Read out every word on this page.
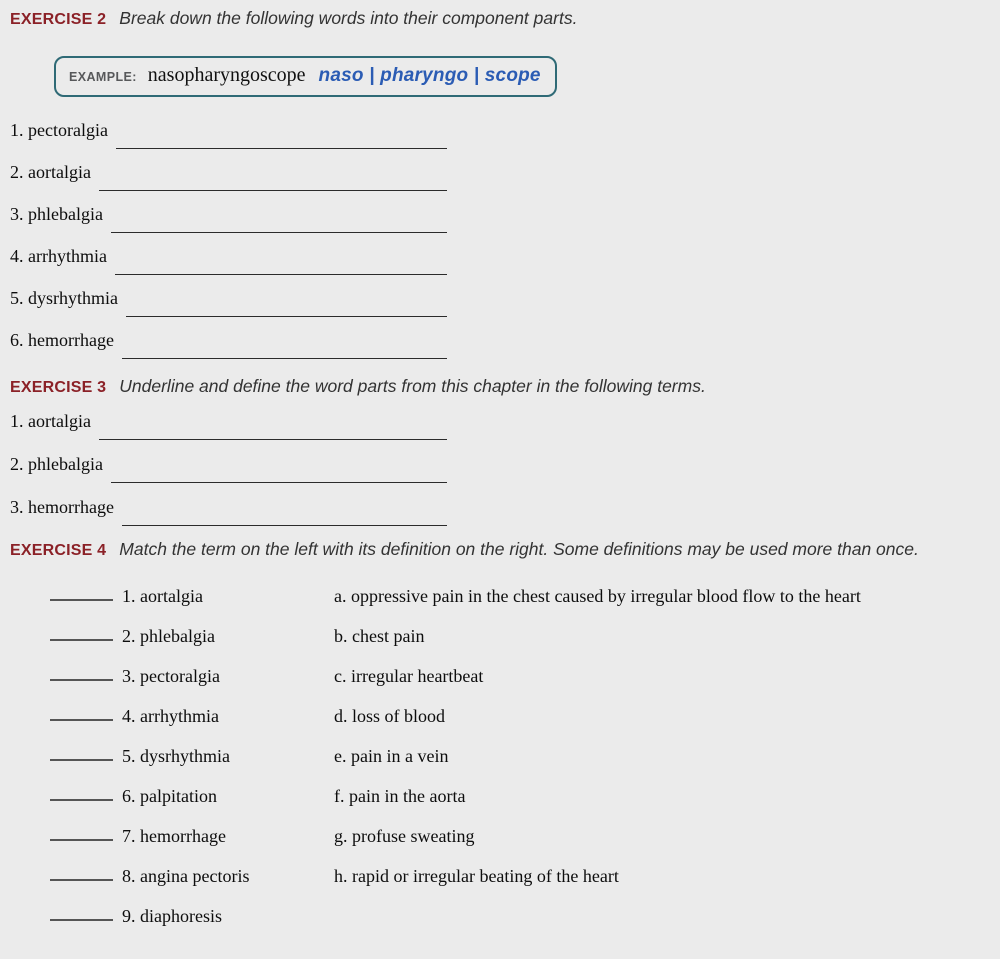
EXERCISE 2 Break down the following words into their component parts.
EXAMPLE: nasopharyngoscope naso | pharyngo | scope
1. pectoralgia
2. aortalgia
3. phlebalgia
4. arrhythmia
5. dysrhythmia
6. hemorrhage
EXERCISE 3 Underline and define the word parts from this chapter in the following terms.
1. aortalgia
2. phlebalgia
3. hemorrhage
EXERCISE 4 Match the term on the left with its definition on the right. Some definitions may be used more than once.
1. aortalgia	a. oppressive pain in the chest caused by irregular blood flow to the heart
2. phlebalgia	b. chest pain
3. pectoralgia	c. irregular heartbeat
4. arrhythmia	d. loss of blood
5. dysrhythmia	e. pain in a vein
6. palpitation	f. pain in the aorta
7. hemorrhage	g. profuse sweating
8. angina pectoris	h. rapid or irregular beating of the heart
9. diaphoresis
